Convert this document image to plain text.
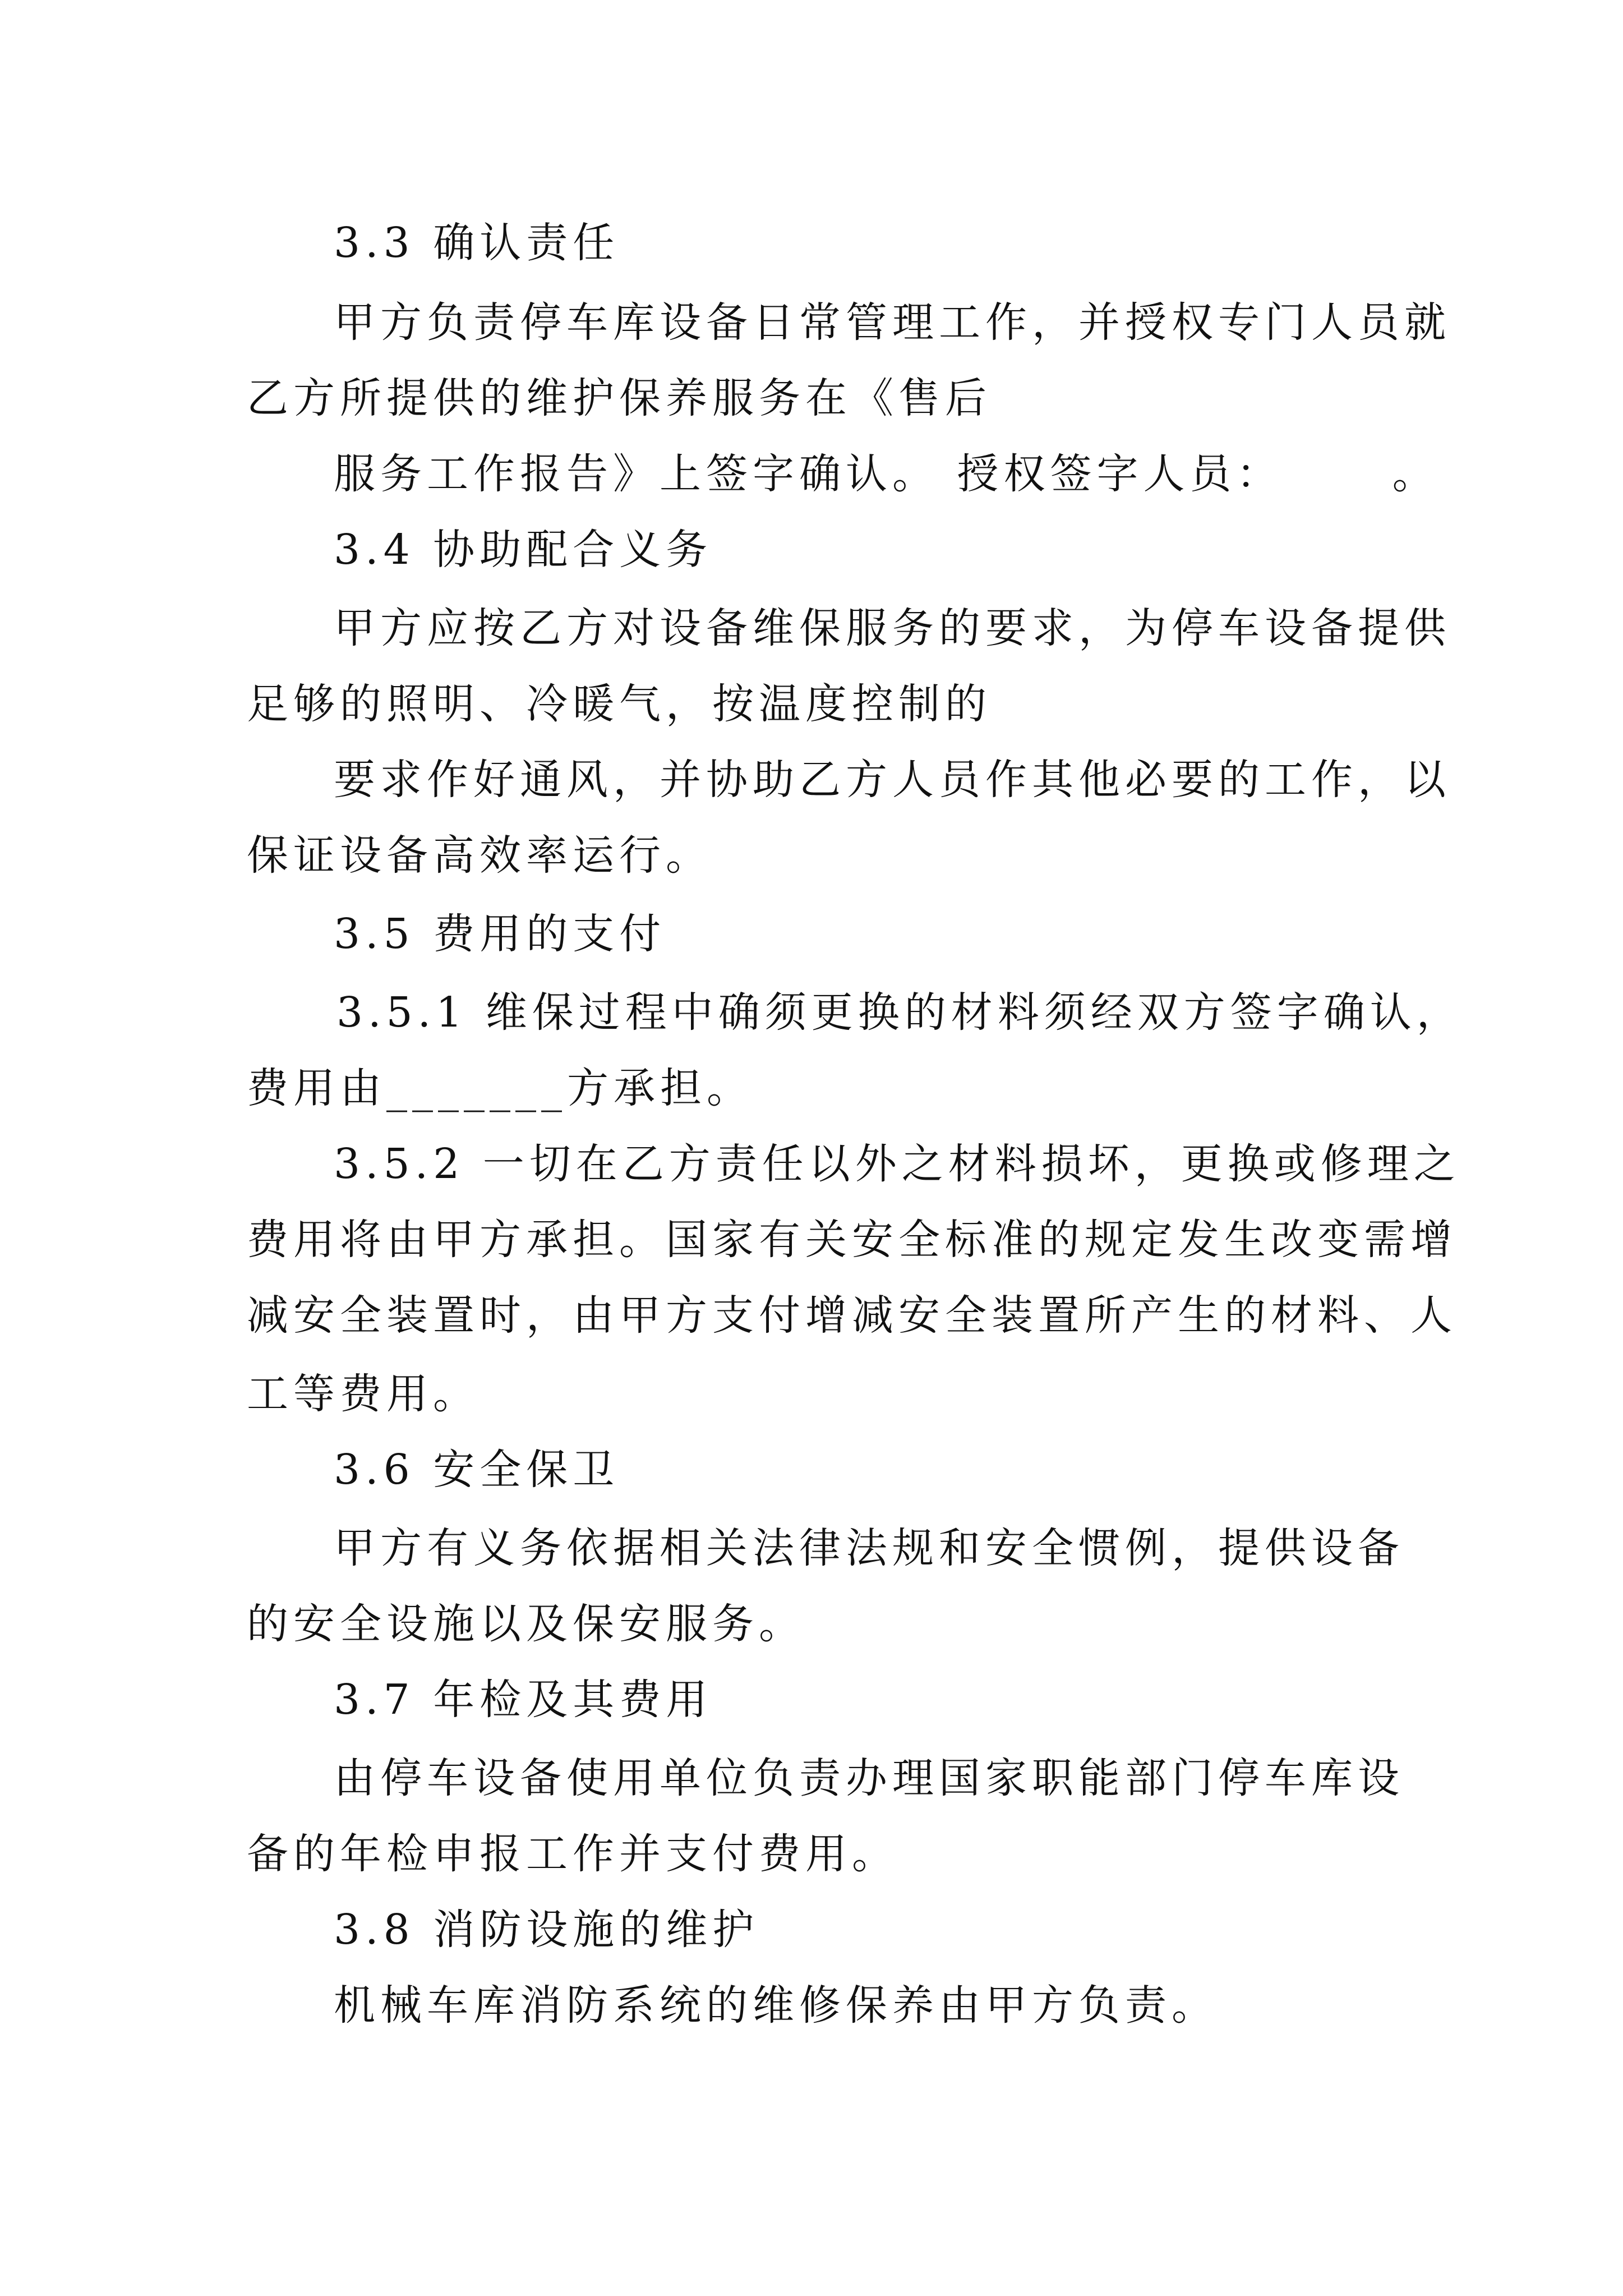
3.3 确认责任
甲方负责停车库设备日常管理工作，并授权专门人员就
乙方所提供的维护保养服务在《售后
服务工作报告》上签字确认。 授权签字人员：      。
3.4 协助配合义务
甲方应按乙方对设备维保服务的要求，为停车设备提供
足够的照明、冷暖气，按温度控制的
要求作好通风，并协助乙方人员作其他必要的工作，以
保证设备高效率运行。
3.5 费用的支付
3.5.1 维保过程中确须更换的材料须经双方签字确认，
费用由_______方承担。
3.5.2 一切在乙方责任以外之材料损坏，更换或修理之
费用将由甲方承担。国家有关安全标准的规定发生改变需增
减安全装置时，由甲方支付增减安全装置所产生的材料、人
工等费用。
3.6 安全保卫
甲方有义务依据相关法律法规和安全惯例，提供设备
的安全设施以及保安服务。
3.7 年检及其费用
由停车设备使用单位负责办理国家职能部门停车库设
备的年检申报工作并支付费用。
3.8 消防设施的维护
机械车库消防系统的维修保养由甲方负责。
